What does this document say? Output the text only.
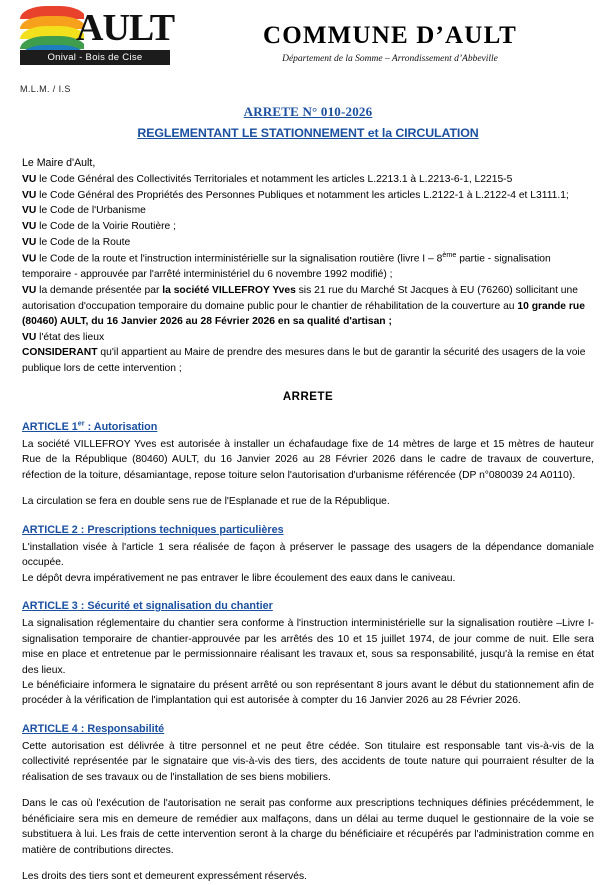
AULT
Onival - Bois de Cise
M.L.M. / I.S
COMMUNE D’AULT
Département de la Somme – Arrondissement d’Abbeville
ARRETE N° 010-2026
REGLEMENTANT LE STATIONNEMENT et la CIRCULATION
Le Maire d'Ault,

VU le Code Général des Collectivités Territoriales et notamment les articles L.2213.1 à L.2213-6-1, L2215-5

VU le Code Général des Propriétés des Personnes Publiques et notamment les articles L.2122-1 à L.2122-4 et L3111.1;

VU le Code de l'Urbanisme

VU le Code de la Voirie Routière ;

VU le Code de la Route

VU le Code de la route et l'instruction interministérielle sur la signalisation routière (livre I – 8ème partie - signalisation temporaire - approuvée par l'arrêté interministériel du 6 novembre 1992 modifié) ;

VU la demande présentée par la société VILLEFROY Yves sis 21 rue du Marché St Jacques à EU (76260) sollicitant une autorisation d'occupation temporaire du domaine public pour le chantier de réhabilitation de la couverture au 10 grande rue (80460) AULT, du 16 Janvier 2026 au 28 Février 2026 en sa qualité d'artisan ;

VU l'état des lieux

CONSIDERANT qu'il appartient au Maire de prendre des mesures dans le but de garantir la sécurité des usagers de la voie publique lors de cette intervention ;

ARRETE
ARTICLE 1er : Autorisation

La société VILLEFROY Yves est autorisée à installer un échafaudage fixe de 14 mètres de large et 15 mètres de hauteur Rue de la République (80460) AULT, du 16 Janvier 2026 au 28 Février 2026 dans le cadre de travaux de couverture, réfection de la toiture, désamiantage, repose toiture selon l'autorisation d'urbanisme référencée (DP n°080039 24 A0110).

La circulation se fera en double sens rue de l'Esplanade et rue de la République.

ARTICLE 2 : Prescriptions techniques particulières

L'installation visée à l'article 1 sera réalisée de façon à préserver le passage des usagers de la dépendance domaniale occupée.

Le dépôt devra impérativement ne pas entraver le libre écoulement des eaux dans le caniveau.

ARTICLE 3 : Sécurité et signalisation du chantier

La signalisation réglementaire du chantier sera conforme à l'instruction interministérielle sur la signalisation routière –Livre I- signalisation temporaire de chantier-approuvée par les arrêtés des 10 et 15 juillet 1974, de jour comme de nuit. Elle sera mise en place et entretenue par le permissionnaire réalisant les travaux et, sous sa responsabilité, jusqu'à la remise en état des lieux.

Le bénéficiaire informera le signataire du présent arrêté ou son représentant 8 jours avant le début du stationnement afin de procéder à la vérification de l'implantation qui est autorisée à compter du 16 Janvier 2026 au 28 Février 2026.

ARTICLE 4 : Responsabilité

Cette autorisation est délivrée à titre personnel et ne peut être cédée. Son titulaire est responsable tant vis-à-vis de la collectivité représentée par le signataire que vis-à-vis des tiers, des accidents de toute nature qui pourraient résulter de la réalisation de ses travaux ou de l'installation de ses biens mobiliers.

Dans le cas où l'exécution de l'autorisation ne serait pas conforme aux prescriptions techniques définies précédemment, le bénéficiaire sera mis en demeure de remédier aux malfaçons, dans un délai au terme duquel le gestionnaire de la voie se substituera à lui. Les frais de cette intervention seront à la charge du bénéficiaire et récupérés par l'administration comme en matière de contributions directes.

Les droits des tiers sont et demeurent expressément réservés.
